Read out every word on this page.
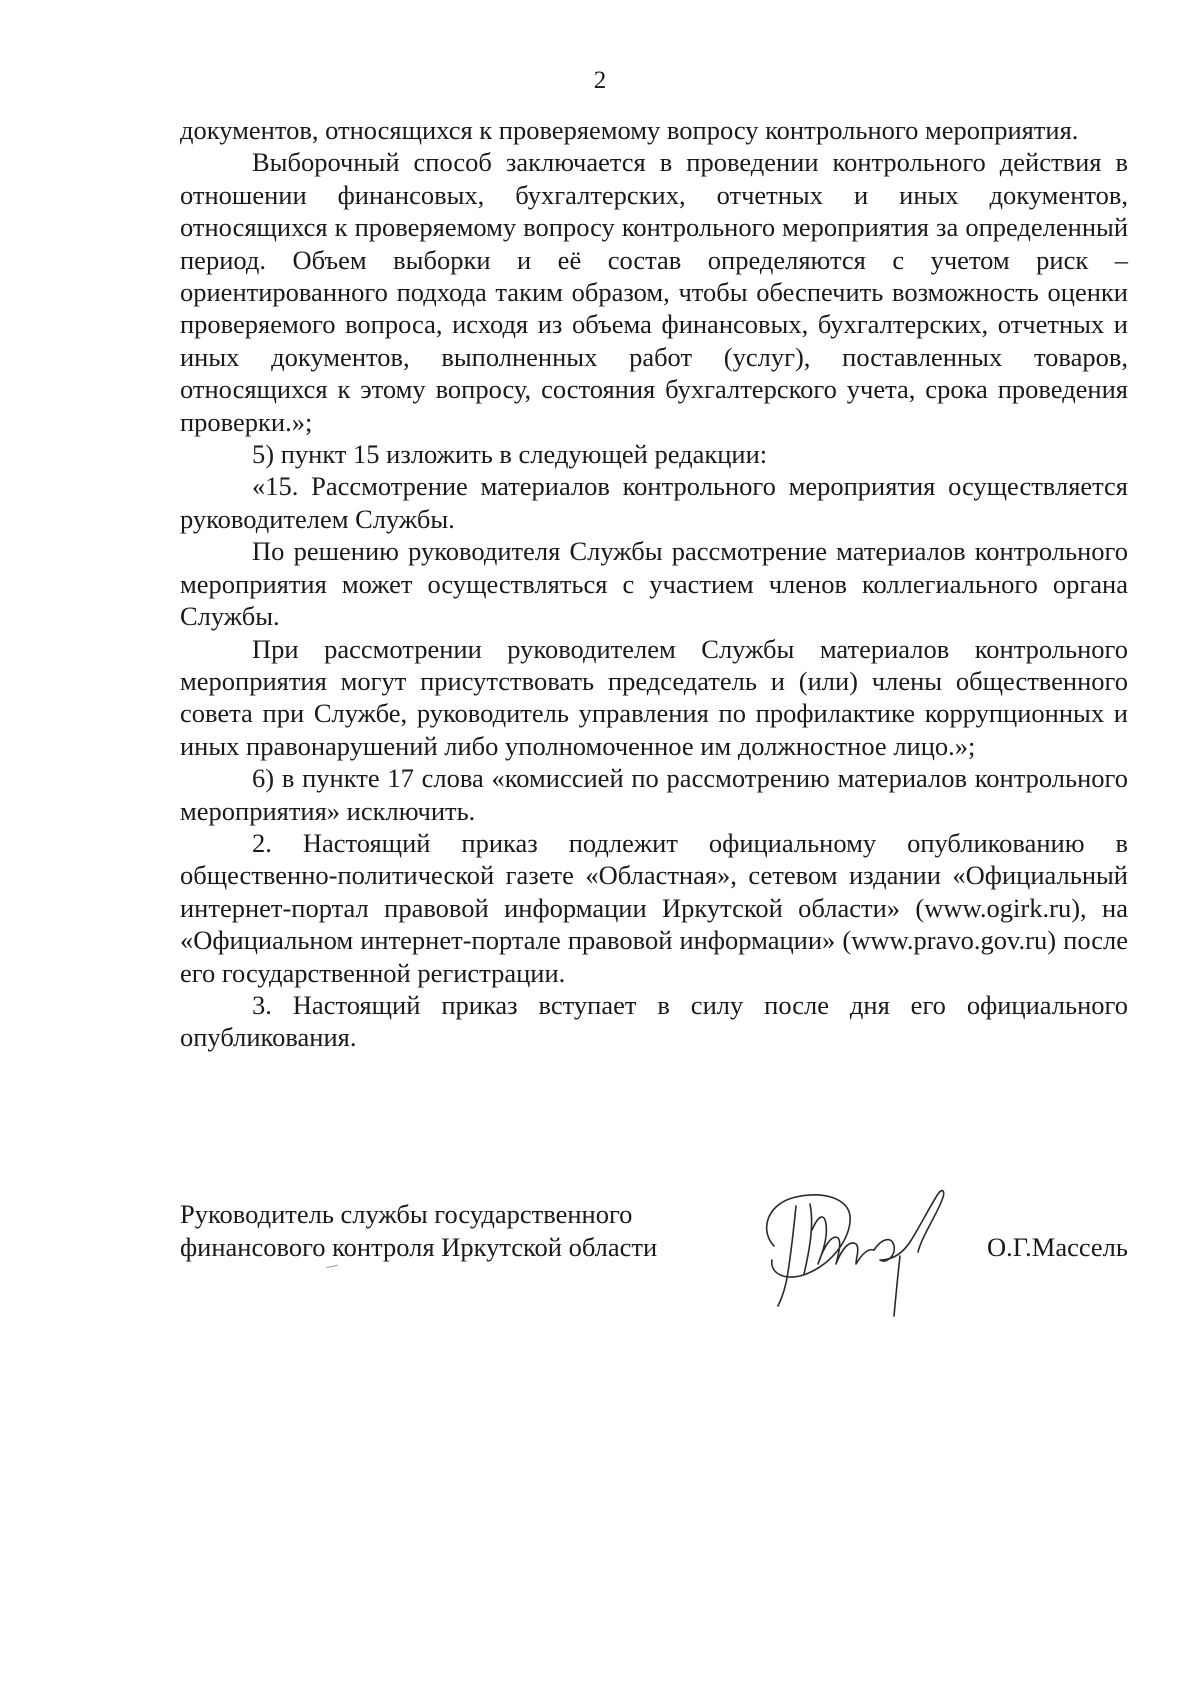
2

документов, относящихся к проверяемому вопросу контрольного мероприятия.

Выборочный способ заключается в проведении контрольного действия в отношении финансовых, бухгалтерских, отчетных и иных документов, относящихся к проверяемому вопросу контрольного мероприятия за определенный период. Объем выборки и её состав определяются с учетом риск – ориентированного подхода таким образом, чтобы обеспечить возможность оценки проверяемого вопроса, исходя из объема финансовых, бухгалтерских, отчетных и иных документов, выполненных работ (услуг), поставленных товаров, относящихся к этому вопросу, состояния бухгалтерского учета, срока проведения проверки.»;

5) пункт 15 изложить в следующей редакции:

«15. Рассмотрение материалов контрольного мероприятия осуществляется руководителем Службы.

По решению руководителя Службы рассмотрение материалов контрольного мероприятия может осуществляться с участием членов коллегиального органа Службы.

При рассмотрении руководителем Службы материалов контрольного мероприятия могут присутствовать председатель и (или) члены общественного совета при Службе, руководитель управления по профилактике коррупционных и иных правонарушений либо уполномоченное им должностное лицо.»;

6) в пункте 17 слова «комиссией по рассмотрению материалов контрольного мероприятия» исключить.

2. Настоящий приказ подлежит официальному опубликованию в общественно-политической газете «Областная», сетевом издании «Официальный интернет-портал правовой информации Иркутской области» (www.ogirk.ru), на «Официальном интернет-портале правовой информации» (www.pravo.gov.ru) после его государственной регистрации.

3. Настоящий приказ вступает в силу после дня его официального опубликования.

Руководитель службы государственного
финансового контроля Иркутской области	О.Г.Массель
